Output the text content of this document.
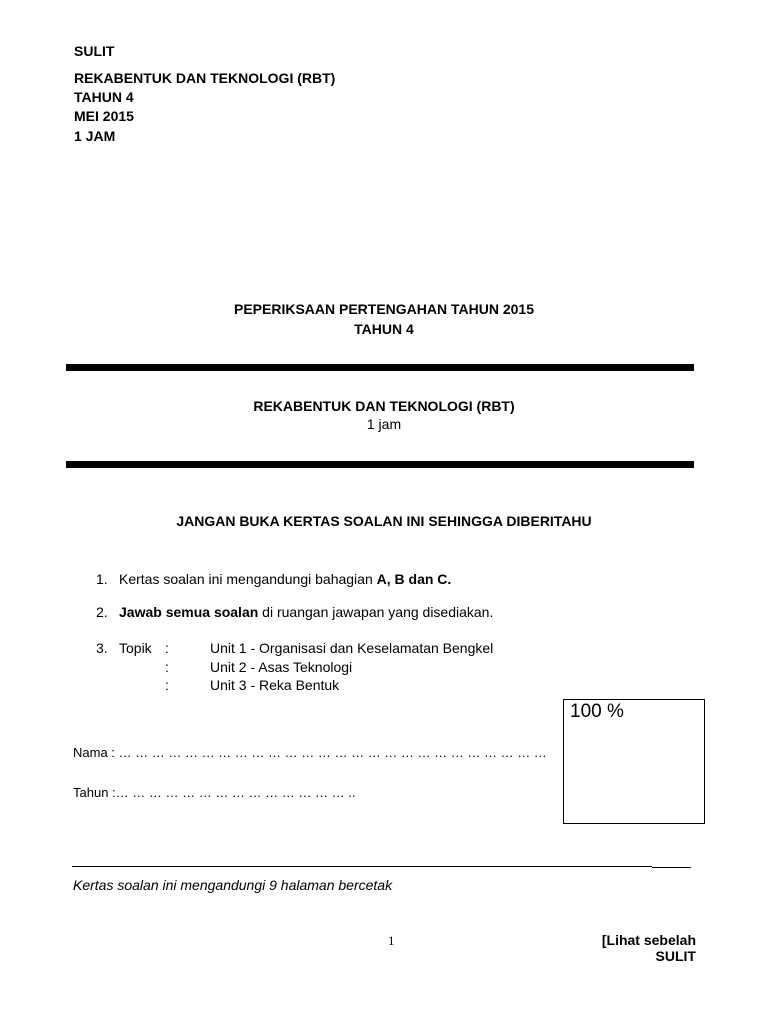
SULIT
REKABENTUK DAN TEKNOLOGI (RBT)
TAHUN 4
MEI 2015
1 JAM
PEPERIKSAAN PERTENGAHAN TAHUN 2015
TAHUN 4
REKABENTUK DAN TEKNOLOGI (RBT)
1 jam
JANGAN BUKA KERTAS SOALAN INI SEHINGGA DIBERITAHU
1. Kertas soalan ini mengandungi bahagian A, B dan C.
2. Jawab semua soalan di ruangan jawapan yang disediakan.
3. Topik :	Unit 1 - Organisasi dan Keselamatan Bengkel
:	Unit 2 - Asas Teknologi
:	Unit 3 - Reka Bentuk
100 %
Nama : … … … … … … … … … … … … … … … … … … … … … … … … … …
Tahun :… … … … … … … … … … … … … … ..
Kertas soalan ini mengandungi 9 halaman bercetak
1	[Lihat sebelah
SULIT
